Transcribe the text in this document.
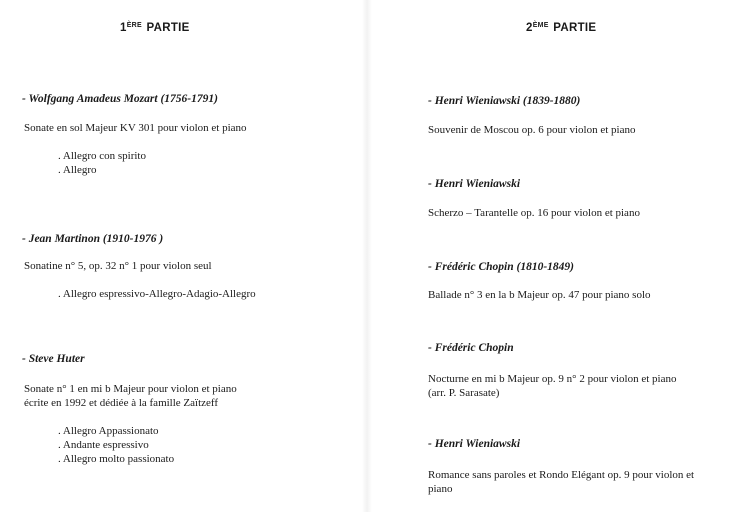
1ÈRE PARTIE
- Wolfgang Amadeus Mozart (1756-1791)
Sonate en sol Majeur KV 301 pour violon et piano
. Allegro con spirito
. Allegro
- Jean Martinon (1910-1976 )
Sonatine n° 5, op. 32 n° 1 pour violon seul
. Allegro espressivo-Allegro-Adagio-Allegro
- Steve Huter
Sonate n° 1 en mi b Majeur pour violon et piano
écrite en 1992 et dédiée à la famille Zaïtzeff
. Allegro Appassionato
. Andante espressivo
. Allegro molto passionato
2ÈME PARTIE
- Henri Wieniawski (1839-1880)
Souvenir de Moscou op. 6 pour violon et piano
- Henri Wieniawski
Scherzo – Tarantelle op. 16 pour violon et piano
- Frédéric Chopin (1810-1849)
Ballade n° 3 en la b Majeur op. 47 pour piano solo
- Frédéric Chopin
Nocturne en mi b Majeur op. 9 n° 2 pour violon et piano
(arr. P. Sarasate)
- Henri Wieniawski
Romance sans paroles et Rondo Elégant op. 9 pour violon et
piano
